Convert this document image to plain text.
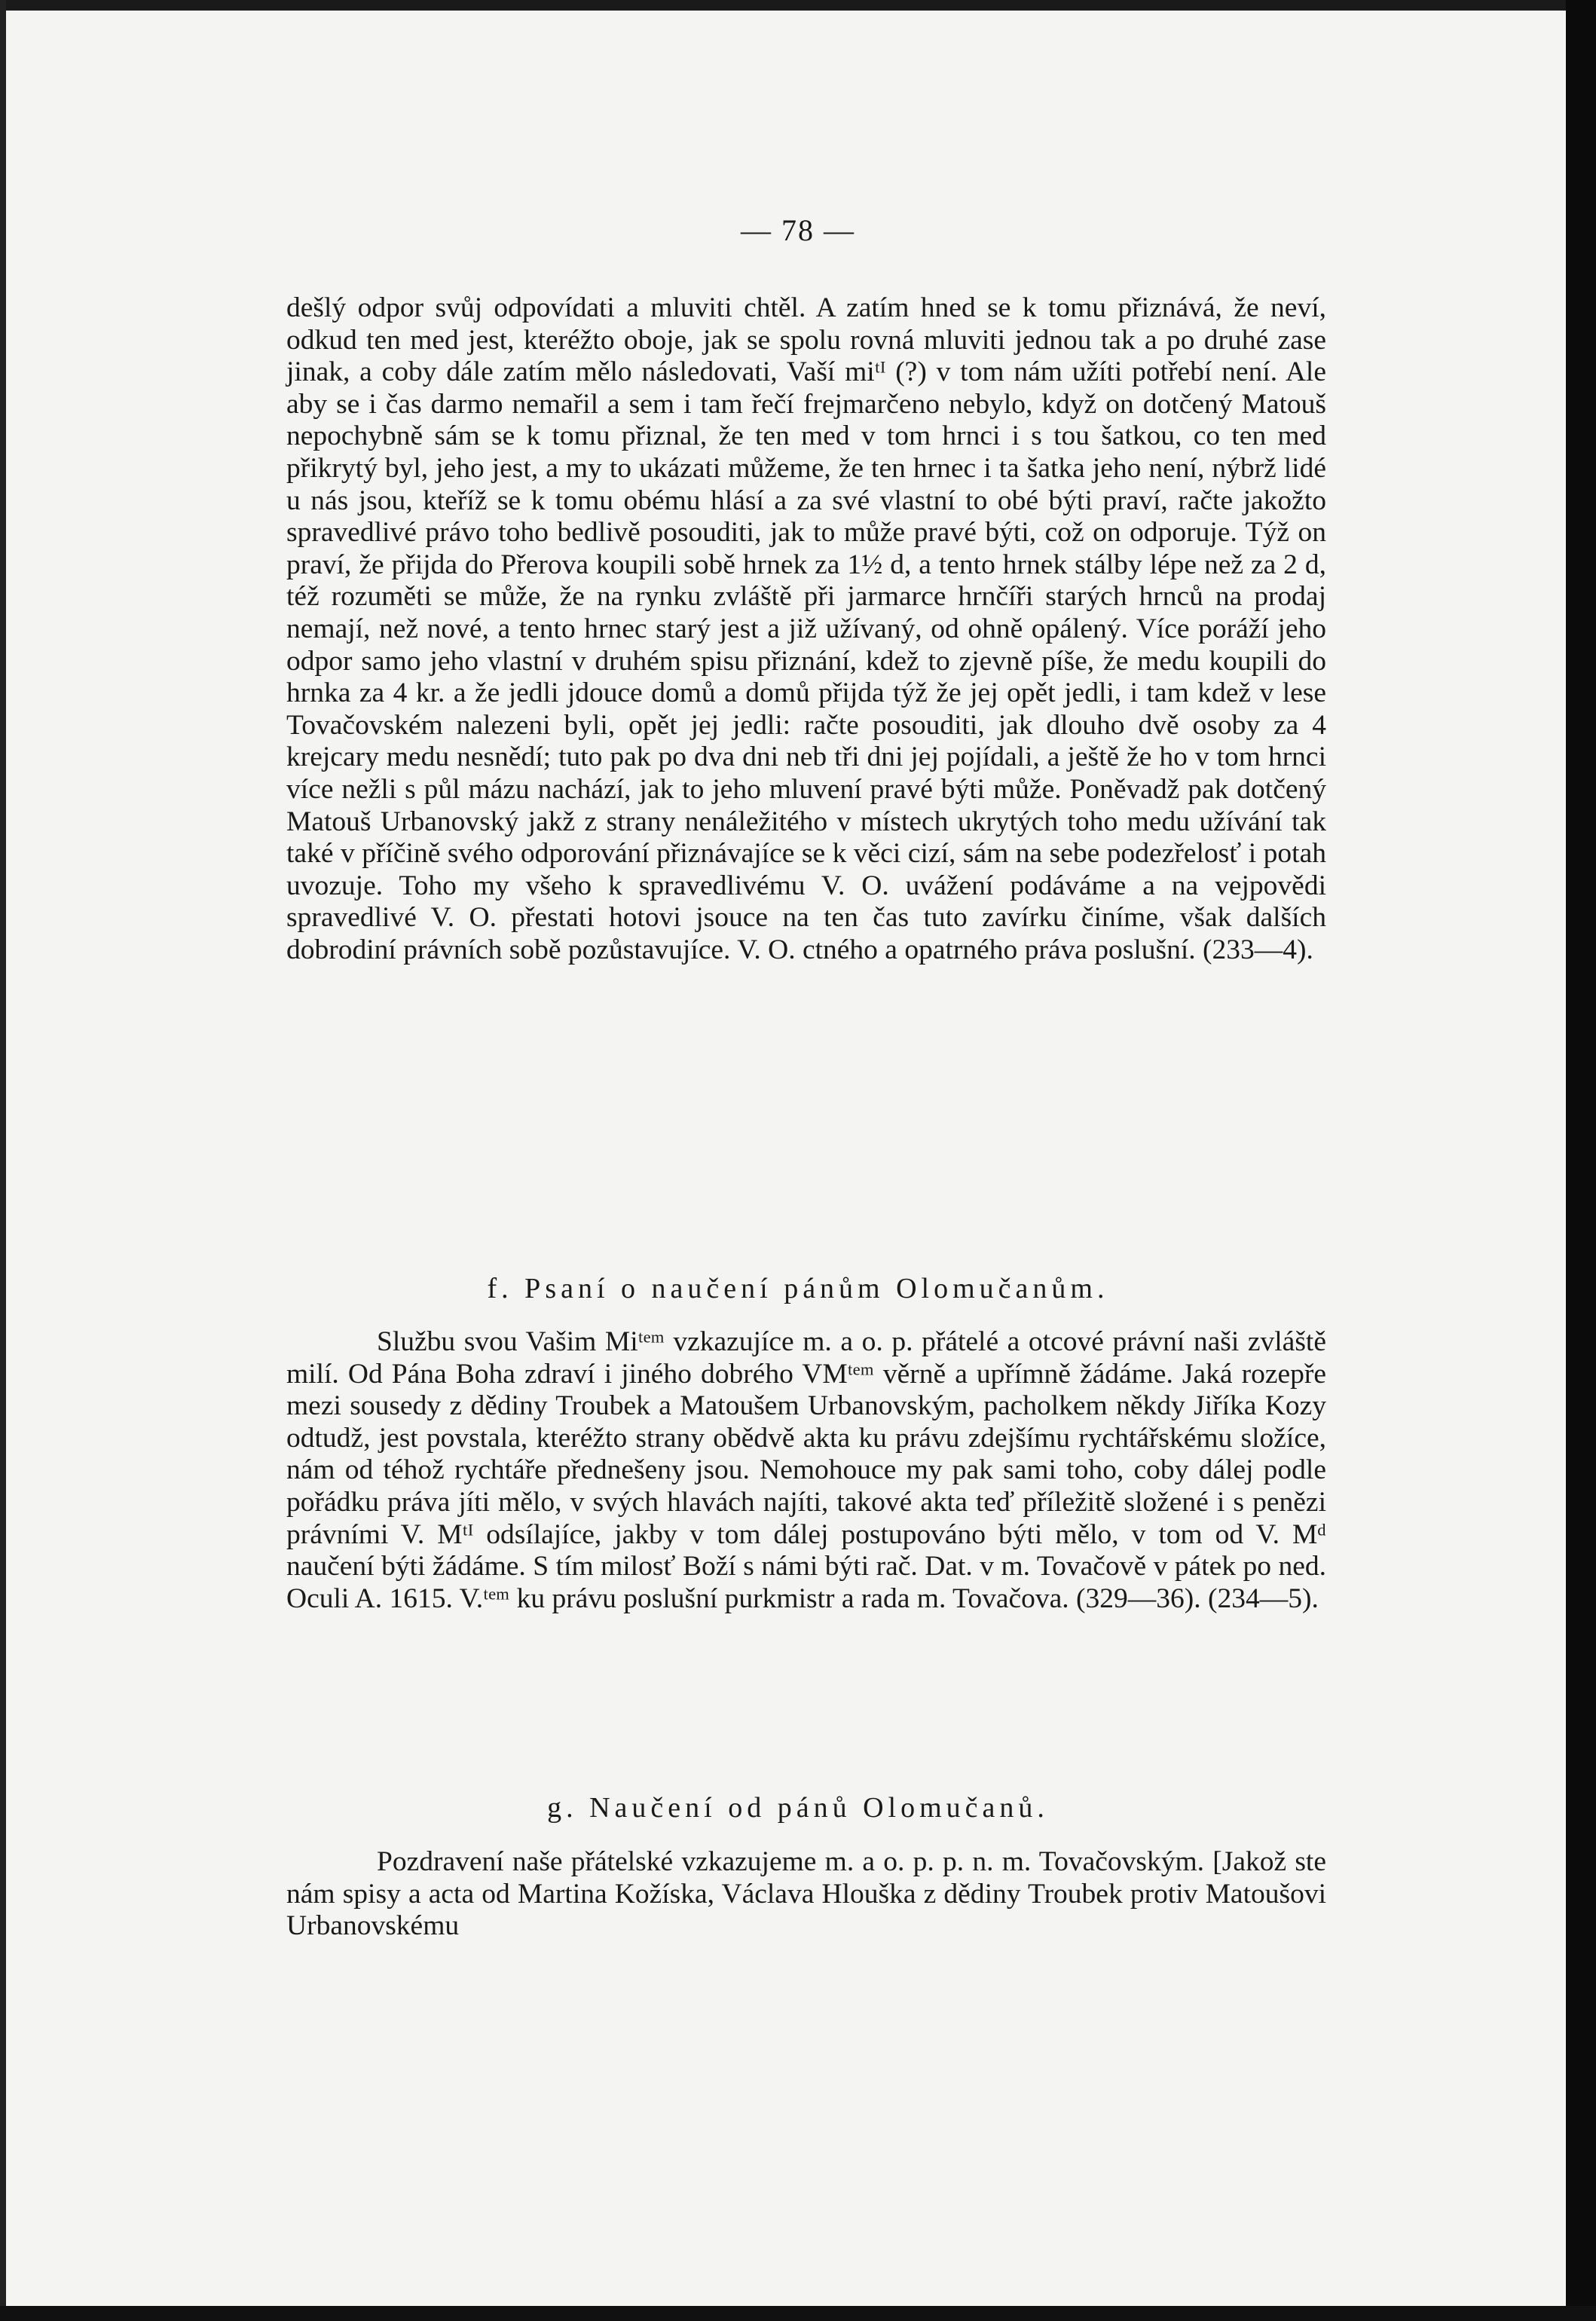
— 78 —

dešlý odpor svůj odpovídati a mluviti chtěl. A zatím hned se k tomu přiznává, že neví, odkud ten med jest, kteréžto oboje, jak se spolu rovná mluviti jednou tak a po druhé zase jinak, a coby dále zatím mělo následovati, Vaší miᵗᴵ (?) v tom nám užíti potřebí není. Ale aby se i čas darmo nemařil a sem i tam řečí frejmarčeno nebylo, když on dotčený Matouš nepochybně sám se k tomu přiznal, že ten med v tom hrnci i s tou šatkou, co ten med přikrytý byl, jeho jest, a my to ukázati můžeme, že ten hrnec i ta šatka jeho není, nýbrž lidé u nás jsou, kteříž se k tomu obému hlásí a za své vlastní to obé býti praví, račte jakožto spravedlivé právo toho bedlivě posouditi, jak to může pravé býti, což on odporuje. Týž on praví, že přijda do Přerova koupili sobě hrnek za 1½ d, a tento hrnek stálby lépe než za 2 d, též rozuměti se může, že na rynku zvláště při jarmarce hrnčíři starých hrnců na prodaj nemají, než nové, a tento hrnec starý jest a již užívaný, od ohně opálený. Více poráží jeho odpor samo jeho vlastní v druhém spisu přiznání, kdež to zjevně píše, že medu koupili do hrnka za 4 kr. a že jedli jdouce domů a domů přijda týž že jej opět jedli, i tam kdež v lese Tovačovském nalezeni byli, opět jej jedli: račte posouditi, jak dlouho dvě osoby za 4 krejcary medu nesnědí; tuto pak po dva dni neb tři dni jej pojídali, a ještě že ho v tom hrnci více nežli s půl mázu nachází, jak to jeho mluvení pravé býti může. Poněvadž pak dotčený Matouš Urbanovský jakž z strany nenáležitého v místech ukrytých toho medu užívání tak také v příčině svého odporování přiznávajíce se k věci cizí, sám na sebe podezřelosť i potah uvozuje. Toho my všeho k spravedlivému V. O. uvážení podáváme a na vejpovědi spravedlivé V. O. přestati hotovi jsouce na ten čas tuto zavírku činíme, však dalších dobrodiní právních sobě pozůstavujíce. V. O. ctného a opatrného práva poslušní. (233—4).

f. Psaní o naučení pánům Olomučanům.

Službu svou Vašim Miᵗᵉᵐ vzkazujíce m. a o. p. přátelé a otcové právní naši zvláště milí. Od Pána Boha zdraví i jiného dobrého VMᵗᵉᵐ věrně a upřímně žádáme. Jaká rozepře mezi sousedy z dědiny Troubek a Matoušem Urbanovským, pacholkem někdy Jiříka Kozy odtudž, jest povstala, kteréžto strany obědvě akta ku právu zdejšímu rychtářskému složíce, nám od téhož rychtáře přednešeny jsou. Nemohouce my pak sami toho, coby dálej podle pořádku práva jíti mělo, v svých hlavách najíti, takové akta teď příležitě složené i s penězi právními V. Mᵗᴵ odsílajíce, jakby v tom dálej postupováno býti mělo, v tom od V. Mᵈ naučení býti žádáme. S tím milosť Boží s námi býti rač. Dat. v m. Tovačově v pátek po ned. Oculi A. 1615. V.ᵗᵉᵐ ku právu poslušní purkmistr a rada m. Tovačova. (329—36). (234—5).

g. Naučení od pánů Olomučanů.

Pozdravení naše přátelské vzkazujeme m. a o. p. p. n. m. Tovačovským. [Jakož ste nám spisy a acta od Martina Kožíska, Václava Hlouška z dědiny Troubek protiv Matoušovi Urbanovskému
